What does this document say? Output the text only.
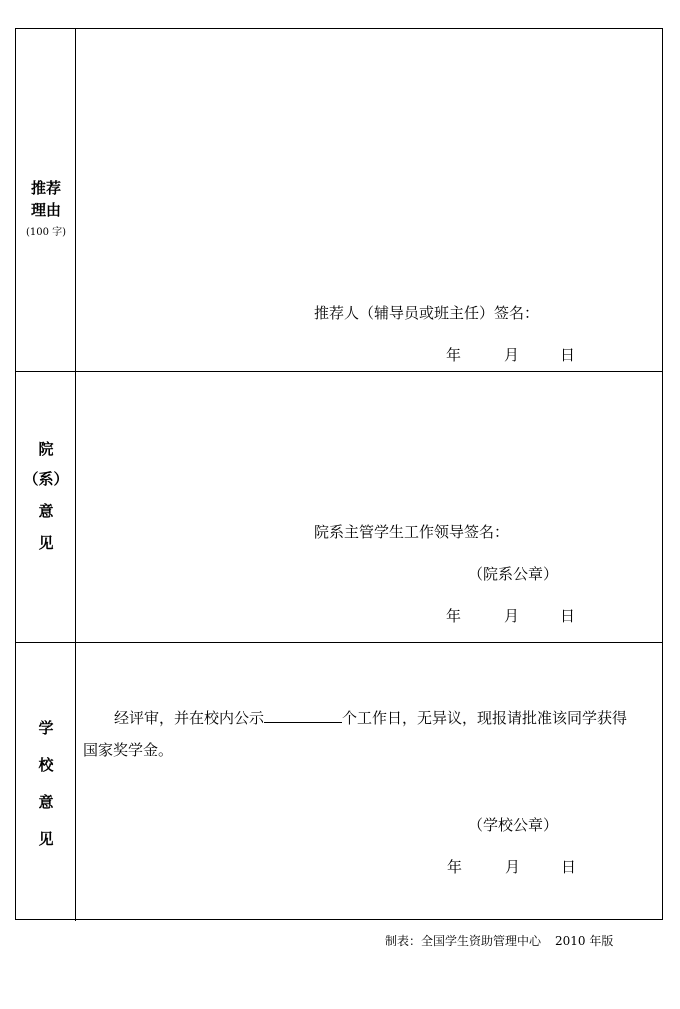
推荐
理由
(100 字)
推荐人（辅导员或班主任）签名：
年	月	日
院
（系）
意
见
院系主管学生工作领导签名：
（院系公章）
年	月	日
学
校
意
见
经评审，并在校内公示	个工作日，无异议，现报请批准该同学获得
国家奖学金。
（学校公章）
年	月	日
制表：全国学生资助管理中心 2010 年版
